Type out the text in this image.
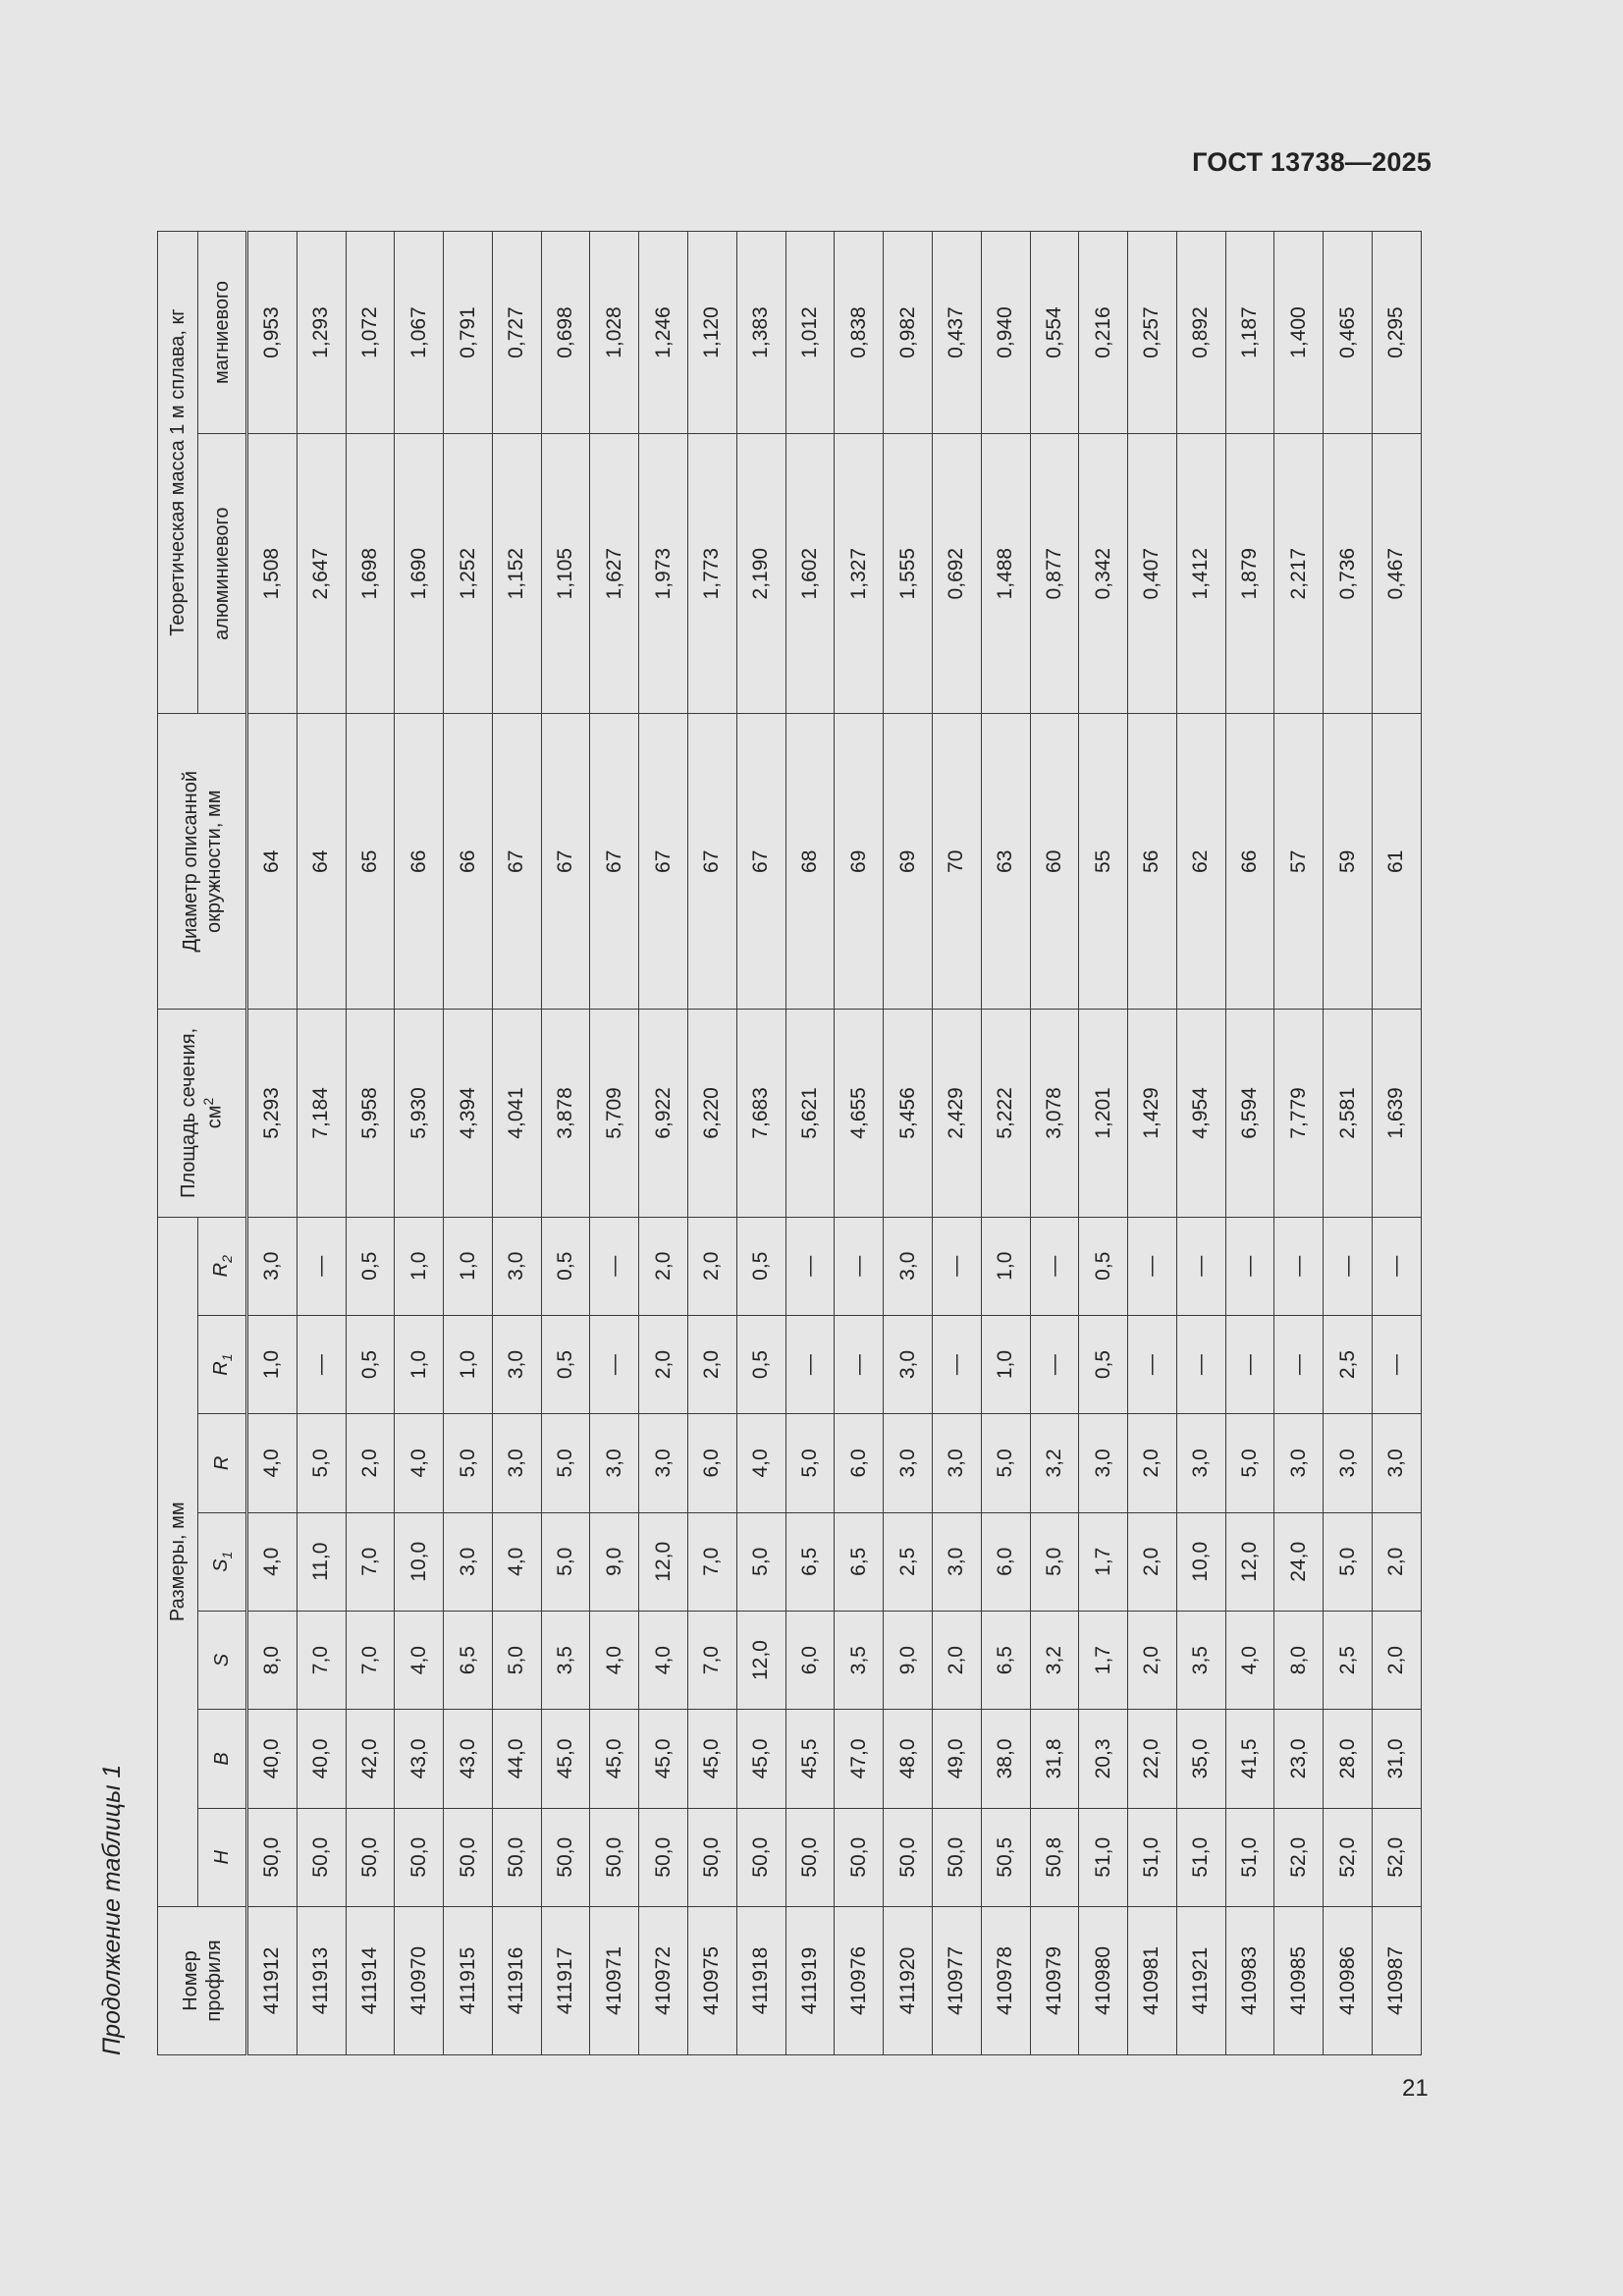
ГОСТ 13738—2025
Продолжение таблицы 1	Номер профиля	Размеры, мм							Площадь сечения, $см^2$	Диаметр описанной окружности, мм	Теоретическая масса 1 м сплава, кг	
	H	B	S	$S_1$	R	$R_1$	$R_2$			алюминиевого	магниевого
411912	50,0	40,0	8,0	4,0	4,0	1,0	3,0	5,293	64	1,508	0,953
411913	50,0	40,0	7,0	11,0	5,0	—	—	7,184	64	2,647	1,293
411914	50,0	42,0	7,0	7,0	2,0	0,5	0,5	5,958	65	1,698	1,072
410970	50,0	43,0	4,0	10,0	4,0	1,0	1,0	5,930	66	1,690	1,067
411915	50,0	43,0	6,5	3,0	5,0	1,0	1,0	4,394	66	1,252	0,791
411916	50,0	44,0	5,0	4,0	3,0	3,0	3,0	4,041	67	1,152	0,727
411917	50,0	45,0	3,5	5,0	5,0	0,5	0,5	3,878	67	1,105	0,698
410971	50,0	45,0	4,0	9,0	3,0	—	—	5,709	67	1,627	1,028
410972	50,0	45,0	4,0	12,0	3,0	2,0	2,0	6,922	67	1,973	1,246
410975	50,0	45,0	7,0	7,0	6,0	2,0	2,0	6,220	67	1,773	1,120
411918	50,0	45,0	12,0	5,0	4,0	0,5	0,5	7,683	67	2,190	1,383
411919	50,0	45,5	6,0	6,5	5,0	—	—	5,621	68	1,602	1,012
410976	50,0	47,0	3,5	6,5	6,0	—	—	4,655	69	1,327	0,838
411920	50,0	48,0	9,0	2,5	3,0	3,0	3,0	5,456	69	1,555	0,982
410977	50,0	49,0	2,0	3,0	3,0	—	—	2,429	70	0,692	0,437
410978	50,5	38,0	6,5	6,0	5,0	1,0	1,0	5,222	63	1,488	0,940
410979	50,8	31,8	3,2	5,0	3,2	—	—	3,078	60	0,877	0,554
410980	51,0	20,3	1,7	1,7	3,0	0,5	0,5	1,201	55	0,342	0,216
410981	51,0	22,0	2,0	2,0	2,0	—	—	1,429	56	0,407	0,257
411921	51,0	35,0	3,5	10,0	3,0	—	—	4,954	62	1,412	0,892
410983	51,0	41,5	4,0	12,0	5,0	—	—	6,594	66	1,879	1,187
410985	52,0	23,0	8,0	24,0	3,0	—	—	7,779	57	2,217	1,400
410986	52,0	28,0	2,5	5,0	3,0	2,5	—	2,581	59	0,736	0,465
410987	52,0	31,0	2,0	2,0	3,0	—	—	1,639	61	0,467	0,295
21
